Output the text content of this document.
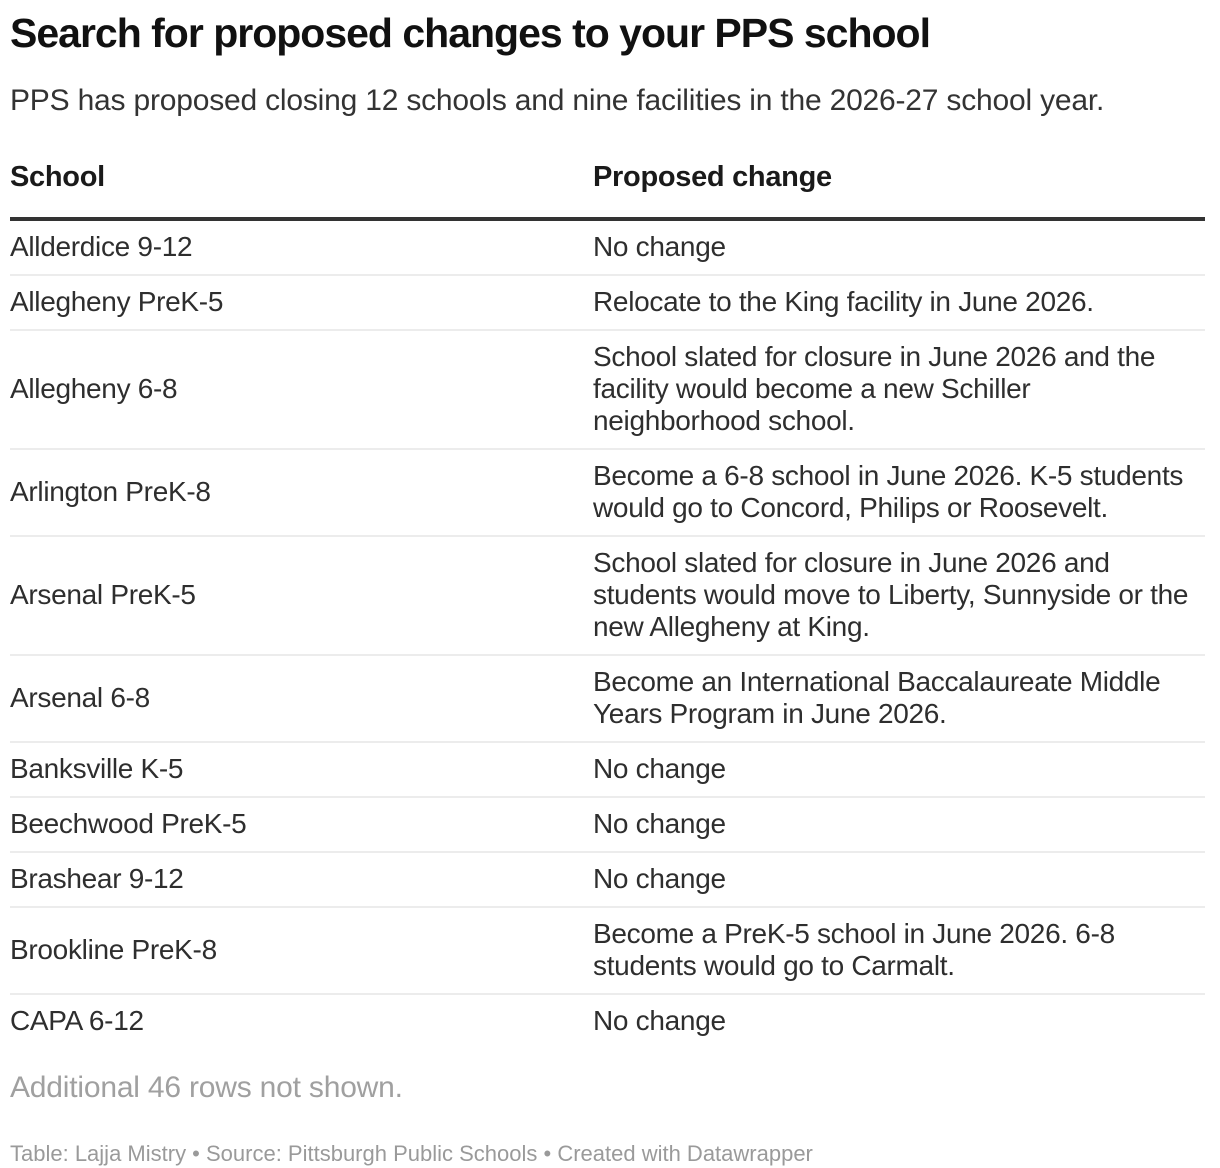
Search for proposed changes to your PPS school

PPS has proposed closing 12 schools and nine facilities in the 2026-27 school year.

School	Proposed change
Allderdice 9-12	No change
Allegheny PreK-5	Relocate to the King facility in June 2026.
Allegheny 6-8	School slated for closure in June 2026 and the facility would become a new Schiller neighborhood school.
Arlington PreK-8	Become a 6-8 school in June 2026. K-5 students would go to Concord, Philips or Roosevelt.
Arsenal PreK-5	School slated for closure in June 2026 and students would move to Liberty, Sunnyside or the new Allegheny at King.
Arsenal 6-8	Become an International Baccalaureate Middle Years Program in June 2026.
Banksville K-5	No change
Beechwood PreK-5	No change
Brashear 9-12	No change
Brookline PreK-8	Become a PreK-5 school in June 2026. 6-8 students would go to Carmalt.
CAPA 6-12	No change

Additional 46 rows not shown.

Table: Lajja Mistry • Source: Pittsburgh Public Schools • Created with Datawrapper
